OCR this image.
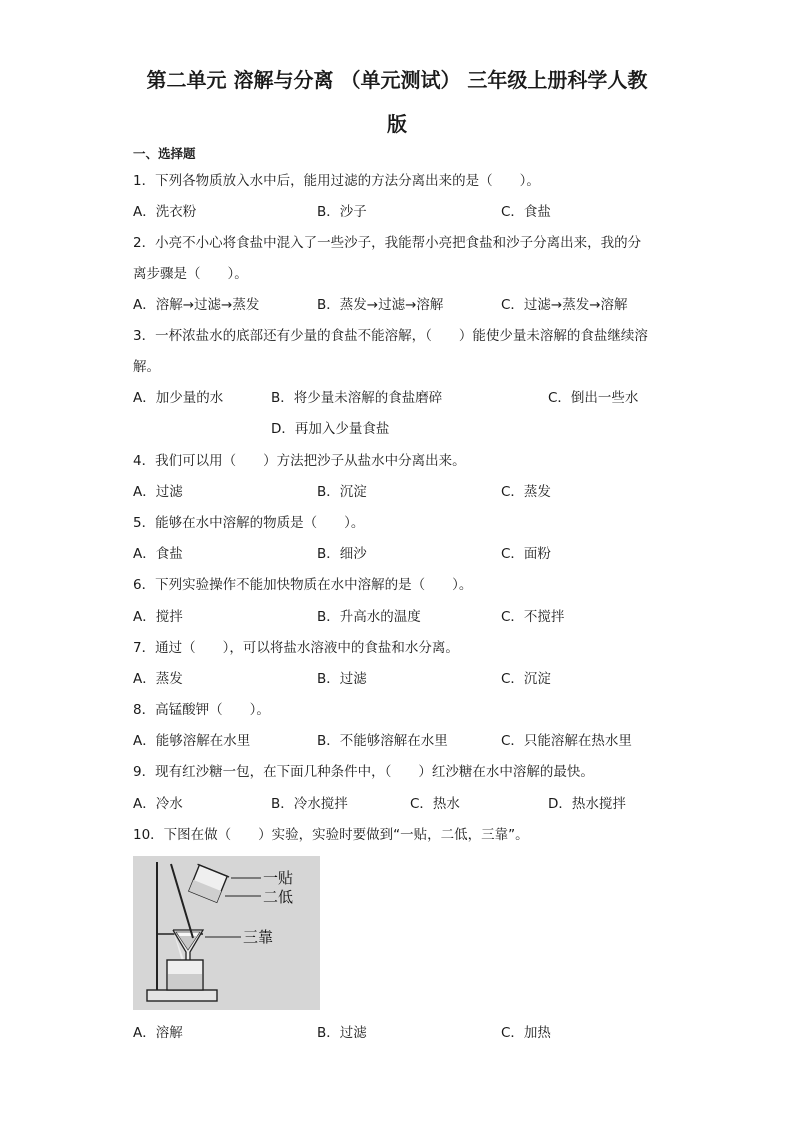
第二单元 溶解与分离 （单元测试） 三年级上册科学人教
版
一、选择题
1．下列各物质放入水中后，能用过滤的方法分离出来的是（　　）。
A．洗衣粉	B．沙子	C．食盐
2．小亮不小心将食盐中混入了一些沙子，我能帮小亮把食盐和沙子分离出来，我的分
离步骤是（　　）。
A．溶解→过滤→蒸发	B．蒸发→过滤→溶解	C．过滤→蒸发→溶解
3．一杯浓盐水的底部还有少量的食盐不能溶解，（　　）能使少量未溶解的食盐继续溶
解。
A．加少量的水	B．将少量未溶解的食盐磨碎	C．倒出一些水
D．再加入少量食盐
4．我们可以用（　　）方法把沙子从盐水中分离出来。
A．过滤	B．沉淀	C．蒸发
5．能够在水中溶解的物质是（　　）。
A．食盐	B．细沙	C．面粉
6．下列实验操作不能加快物质在水中溶解的是（　　）。
A．搅拌	B．升高水的温度	C．不搅拌
7．通过（　　），可以将盐水溶液中的食盐和水分离。
A．蒸发	B．过滤	C．沉淀
8．高锰酸钾（　　）。
A．能够溶解在水里	B．不能够溶解在水里	C．只能溶解在热水里
9．现有红沙糖一包，在下面几种条件中，（　　）红沙糖在水中溶解的最快。
A．冷水	B．冷水搅拌	C．热水	D．热水搅拌
10．下图在做（　　）实验，实验时要做到“一贴，二低，三靠”。
一贴
二低
三靠
A．溶解	B．过滤	C．加热
